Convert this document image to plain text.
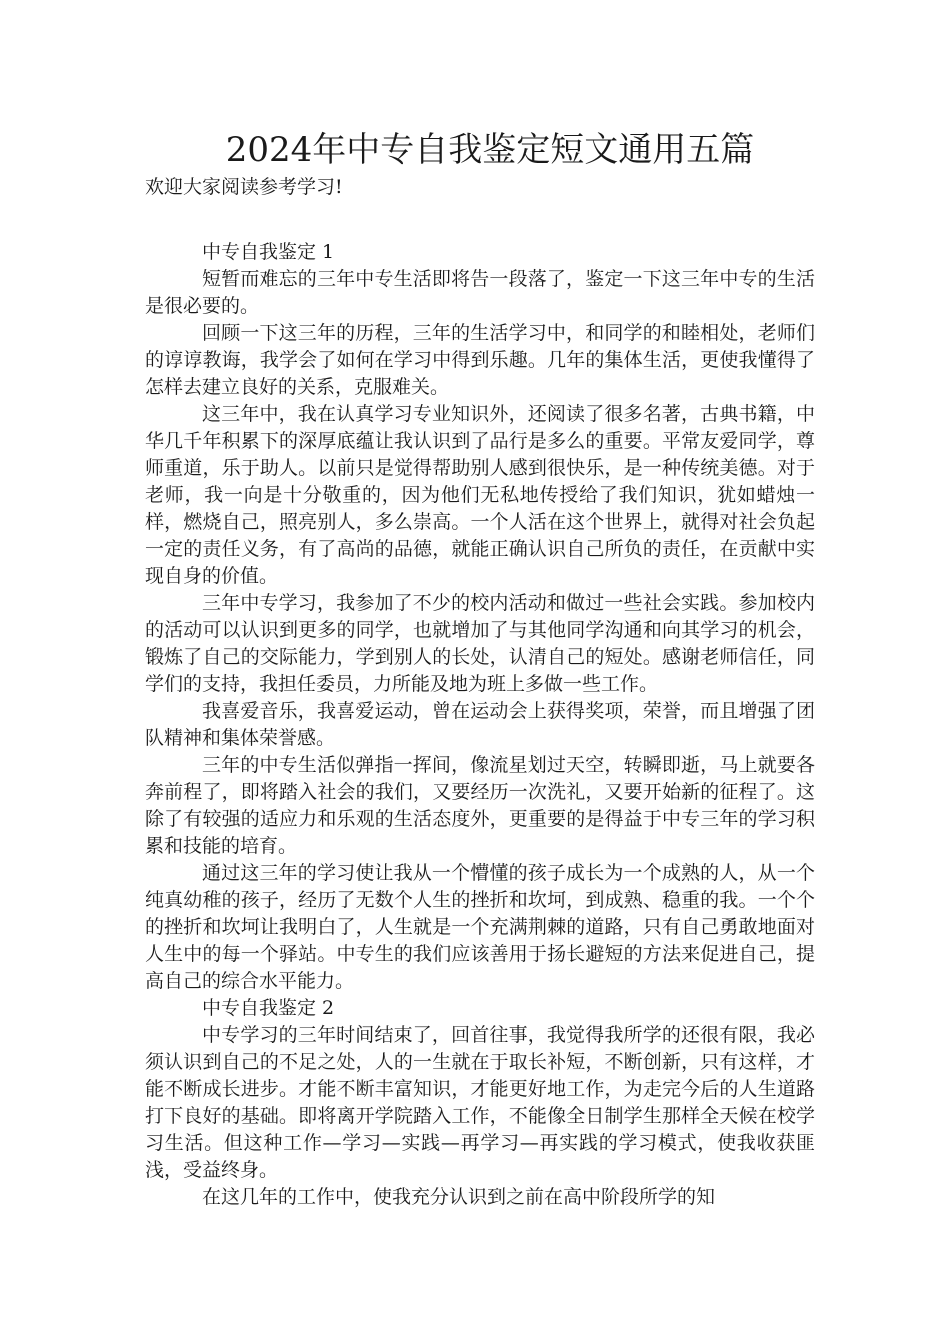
2024年中专自我鉴定短文通用五篇
欢迎大家阅读参考学习!
中专自我鉴定 1

短暂而难忘的三年中专生活即将告一段落了，鉴定一下这三年中专的生活是很必要的。

回顾一下这三年的历程，三年的生活学习中，和同学的和睦相处，老师们的谆谆教诲，我学会了如何在学习中得到乐趣。几年的集体生活，更使我懂得了怎样去建立良好的关系，克服难关。

这三年中，我在认真学习专业知识外，还阅读了很多名著，古典书籍，中华几千年积累下的深厚底蕴让我认识到了品行是多么的重要。平常友爱同学，尊师重道，乐于助人。以前只是觉得帮助别人感到很快乐，是一种传统美德。对于老师，我一向是十分敬重的，因为他们无私地传授给了我们知识，犹如蜡烛一样，燃烧自己，照亮别人，多么崇高。一个人活在这个世界上，就得对社会负起一定的责任义务，有了高尚的品德，就能正确认识自己所负的责任，在贡献中实现自身的价值。

三年中专学习，我参加了不少的校内活动和做过一些社会实践。参加校内的活动可以认识到更多的同学，也就增加了与其他同学沟通和向其学习的机会，锻炼了自己的交际能力，学到别人的长处，认清自己的短处。感谢老师信任，同学们的支持，我担任委员，力所能及地为班上多做一些工作。

我喜爱音乐，我喜爱运动，曾在运动会上获得奖项，荣誉，而且增强了团队精神和集体荣誉感。

三年的中专生活似弹指一挥间，像流星划过天空，转瞬即逝，马上就要各奔前程了，即将踏入社会的我们，又要经历一次洗礼，又要开始新的征程了。这除了有较强的适应力和乐观的生活态度外，更重要的是得益于中专三年的学习积累和技能的培育。

通过这三年的学习使让我从一个懵懂的孩子成长为一个成熟的人，从一个纯真幼稚的孩子，经历了无数个人生的挫折和坎坷，到成熟、稳重的我。一个个的挫折和坎坷让我明白了，人生就是一个充满荆棘的道路，只有自己勇敢地面对人生中的每一个驿站。中专生的我们应该善用于扬长避短的方法来促进自己，提高自己的综合水平能力。

中专自我鉴定 2

中专学习的三年时间结束了，回首往事，我觉得我所学的还很有限，我必须认识到自己的不足之处，人的一生就在于取长补短，不断创新，只有这样，才能不断成长进步。才能不断丰富知识，才能更好地工作，为走完今后的人生道路打下良好的基础。即将离开学院踏入工作，不能像全日制学生那样全天候在校学习生活。但这种工作—学习—实践—再学习—再实践的学习模式，使我收获匪浅，受益终身。

在这几年的工作中，使我充分认识到之前在高中阶段所学的知
